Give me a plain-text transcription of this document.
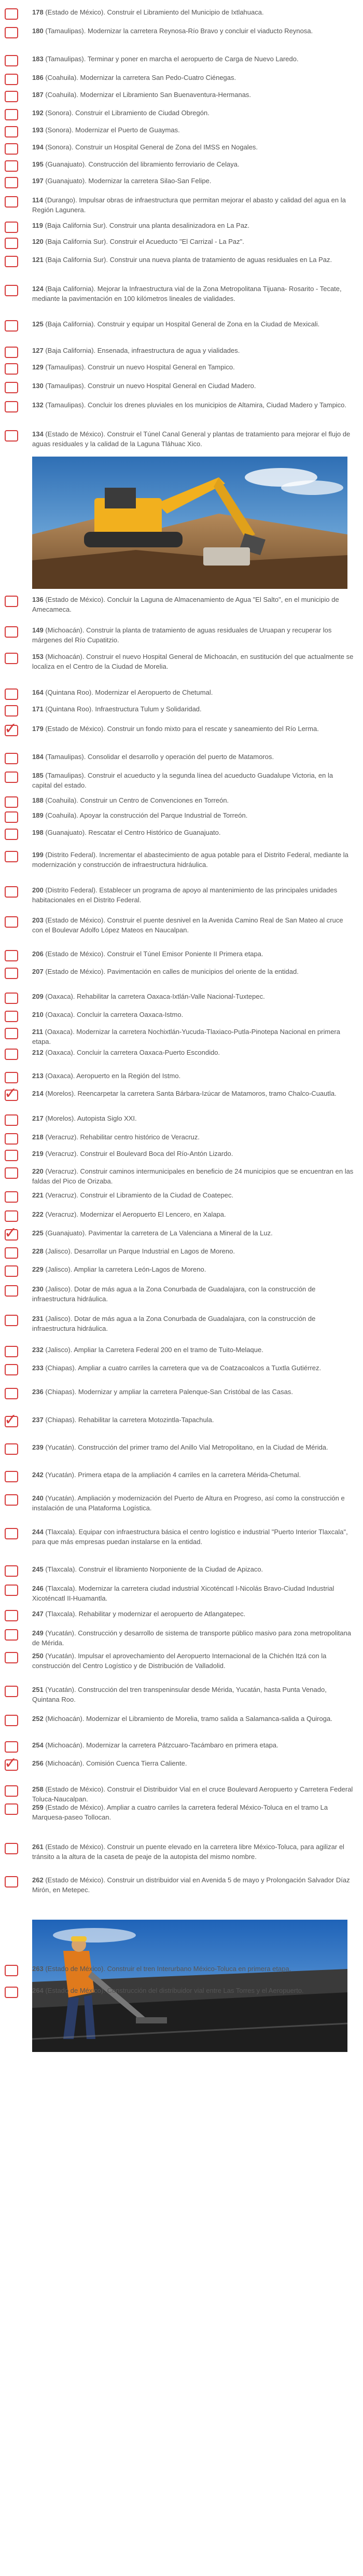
178 (Estado de México). Construir el Libramiento del Municipio de Ixtlahuaca.
180 (Tamaulipas). Modernizar la carretera Reynosa-Río Bravo y concluir el viaducto Reynosa.
183 (Tamaulipas). Terminar y poner en marcha el aeropuerto de Carga de Nuevo Laredo.
186 (Coahuila). Modernizar la carretera San Pedo-Cuatro Ciénegas.
187 (Coahuila). Modernizar el Libramiento San Buenaventura-Hermanas.
192 (Sonora). Construir el Libramiento de Ciudad Obregón.
193 (Sonora). Modernizar el Puerto de Guaymas.
194 (Sonora). Construir un Hospital General de Zona del IMSS en Nogales.
195 (Guanajuato). Construcción del libramiento ferroviario de Celaya.
197 (Guanajuato). Modernizar la carretera Silao-San Felipe.
114 (Durango). Impulsar obras de infraestructura que permitan mejorar el abasto y calidad del agua en la Región Lagunera.
119 (Baja California Sur). Construir una planta desalinizadora en La Paz.
120 (Baja California Sur). Construir el Acueducto "El Carrizal - La Paz".
121 (Baja California Sur). Construir una nueva planta de tratamiento de aguas residuales en La Paz.
124 (Baja California). Mejorar la Infraestructura vial de la Zona Metropolitana Tijuana- Rosarito - Tecate, mediante la pavimentación en 100 kilómetros lineales de vialidades.
125 (Baja California). Construir y equipar un Hospital General de Zona en la Ciudad de Mexicali.
127 (Baja California). Ensenada, infraestructura de agua y vialidades.
129 (Tamaulipas). Construir un nuevo Hospital General en Tampico.
130 (Tamaulipas). Construir un nuevo Hospital General en Ciudad Madero.
132 (Tamaulipas). Concluir los drenes pluviales en los municipios de Altamira, Ciudad Madero y Tampico.
134 (Estado de México). Construir el Túnel Canal General y plantas de tratamiento para mejorar el flujo de aguas residuales y la calidad de la Laguna Tláhuac Xico.
136 (Estado de México). Concluir la Laguna de Almacenamiento de Agua "El Salto", en el municipio de Amecameca.
149 (Michoacán). Construir la planta de tratamiento de aguas residuales de Uruapan y recuperar los márgenes del Río Cupatitzio.
153 (Michoacán). Construir el nuevo Hospital General de Michoacán, en sustitución del que actualmente se localiza en el Centro de la Ciudad de Morelia.
164 (Quintana Roo). Modernizar el Aeropuerto de Chetumal.
171 (Quintana Roo). Infraestructura Tulum y Solidaridad.
✓	179 (Estado de México). Construir un fondo mixto para el rescate y saneamiento del Río Lerma.
184 (Tamaulipas). Consolidar el desarrollo y operación del puerto de Matamoros.
185 (Tamaulipas). Construir el acueducto y la segunda línea del acueducto Guadalupe Victoria, en la capital del estado.
188 (Coahuila). Construir un Centro de Convenciones en Torreón.
189 (Coahuila). Apoyar la construcción del Parque Industrial de Torreón.
198 (Guanajuato). Rescatar el Centro Histórico de Guanajuato.
199 (Distrito Federal). Incrementar el abastecimiento de agua potable para el Distrito Federal, mediante la modernización y construcción de infraestructura hidráulica.
200 (Distrito Federal). Establecer un programa de apoyo al mantenimiento de las principales unidades habitacionales en el Distrito Federal.
203 (Estado de México). Construir el puente desnivel en la Avenida Camino Real de San Mateo al cruce con el Boulevar Adolfo López Mateos en Naucalpan.
206 (Estado de México). Construir el Túnel Emisor Poniente II Primera etapa.
207 (Estado de México). Pavimentación en calles de municipios del oriente de la entidad.
209 (Oaxaca). Rehabilitar la carretera Oaxaca-Ixtlán-Valle Nacional-Tuxtepec.
210 (Oaxaca). Concluir la carretera Oaxaca-Istmo.
211 (Oaxaca). Modernizar la carretera Nochixtlán-Yucuda-Tlaxiaco-Putla-Pinotepa Nacional en primera etapa.
212 (Oaxaca). Concluir la carretera Oaxaca-Puerto Escondido.
213 (Oaxaca). Aeropuerto en la Región del Istmo.
✓	214 (Morelos). Reencarpetar la carretera Santa Bárbara-Izúcar de Matamoros, tramo Chalco-Cuautla.
217 (Morelos). Autopista Siglo XXI.
218 (Veracruz). Rehabilitar centro histórico de Veracruz.
219 (Veracruz). Construir el Boulevard Boca del Río-Antón Lizardo.
220 (Veracruz). Construir caminos intermunicipales en beneficio de 24 municipios que se encuentran en las faldas del Pico de Orizaba.
221 (Veracruz). Construir el Libramiento de la Ciudad de Coatepec.
222 (Veracruz). Modernizar el Aeropuerto El Lencero, en Xalapa.
✓	225 (Guanajuato). Pavimentar la carretera de La Valenciana a Mineral de la Luz.
228 (Jalisco). Desarrollar un Parque Industrial en Lagos de Moreno.
229 (Jalisco). Ampliar la carretera León-Lagos de Moreno.
230 (Jalisco). Dotar de más agua a la Zona Conurbada de Guadalajara, con la construcción de infraestructura hidráulica.
231 (Jalisco). Dotar de más agua a la Zona Conurbada de Guadalajara, con la construcción de infraestructura hidráulica.
232 (Jalisco). Ampliar la Carretera Federal 200 en el tramo de Tuito-Melaque.
233 (Chiapas). Ampliar a cuatro carriles la carretera que va de Coatzacoalcos a Tuxtla Gutiérrez.
236 (Chiapas). Modernizar y ampliar la carretera Palenque-San Cristóbal de las Casas.
✓	237 (Chiapas). Rehabilitar la carretera Motozintla-Tapachula.
239 (Yucatán). Construcción del primer tramo del Anillo Vial Metropolitano, en la Ciudad de Mérida.
242 (Yucatán). Primera etapa de la ampliación 4 carriles en la carretera Mérida-Chetumal.
240 (Yucatán). Ampliación y modernización del Puerto de Altura en Progreso, así como la construcción e instalación de una Plataforma Logística.
244 (Tlaxcala). Equipar con infraestructura básica el centro logístico e industrial "Puerto Interior Tlaxcala", para que más empresas puedan instalarse en la entidad.
245 (Tlaxcala). Construir el libramiento Norponiente de la Ciudad de Apizaco.
246 (Tlaxcala). Modernizar la carretera ciudad industrial Xicoténcatl I-Nicolás Bravo-Ciudad Industrial Xicoténcatl II-Huamantla.
247 (Tlaxcala). Rehabilitar y modernizar el aeropuerto de Atlangatepec.
249 (Yucatán). Construcción y desarrollo de sistema de transporte público masivo para zona metropolitana de Mérida.
250 (Yucatán). Impulsar el aprovechamiento del Aeropuerto Internacional de la Chichén Itzá con la construcción del Centro Logístico y de Distribución de Valladolid.
251 (Yucatán). Construcción del tren transpeninsular desde Mérida, Yucatán, hasta Punta Venado, Quintana Roo.
252 (Michoacán). Modernizar el Libramiento de Morelia, tramo salida a Salamanca-salida a Quiroga.
254 (Michoacán). Modernizar la carretera Pátzcuaro-Tacámbaro en primera etapa.
✓	256 (Michoacán). Comisión Cuenca Tierra Caliente.
258 (Estado de México). Construir el Distribuidor Vial en el cruce Boulevard Aeropuerto y Carretera Federal Toluca-Naucalpan.
259 (Estado de México). Ampliar a cuatro carriles la carretera federal México-Toluca en el tramo La Marquesa-paseo Tollocan.
261 (Estado de México). Construir un puente elevado en la carretera libre México-Toluca, para agilizar el tránsito a la altura de la caseta de peaje de la autopista del mismo nombre.
262 (Estado de México). Construir un distribuidor vial en Avenida 5 de mayo y Prolongación Salvador Díaz Mirón, en Metepec.
263 (Estado de México). Construir el tren Interurbano México-Toluca en primera etapa.
264 (Estado de México). Construcción del distribuidor vial entre Las Torres y el Aeropuerto.
